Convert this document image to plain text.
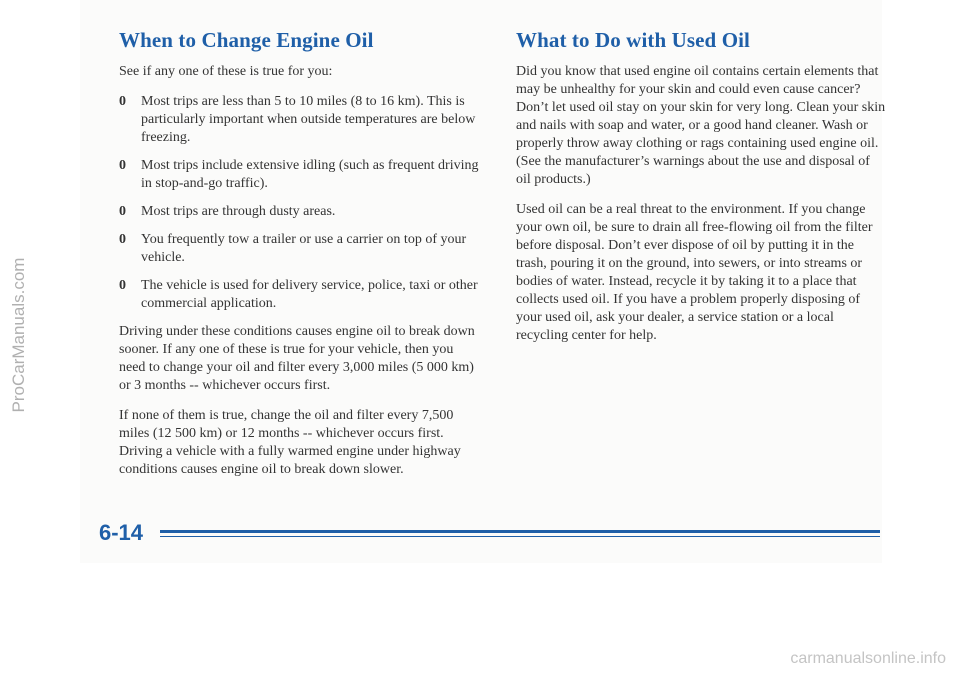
ProCarManuals.com
When to Change Engine Oil
See if any one of these is true for you:
0 Most trips are less than 5 to 10 miles (8 to 16 km). This is particularly important when outside temperatures are below freezing.
0 Most trips include extensive idling (such as frequent driving in stop-and-go traffic).
0 Most trips are through dusty areas.
0 You frequently tow a trailer or use a carrier on top of your vehicle.
0 The vehicle is used for delivery service, police, taxi or other commercial application.
Driving under these conditions causes engine oil to break down sooner. If any one of these is true for your vehicle, then you need to change your oil and filter every 3,000 miles (5 000 km) or 3 months -- whichever occurs first.
If none of them is true, change the oil and filter every 7,500 miles (12 500 km) or 12 months -- whichever occurs first. Driving a vehicle with a fully warmed engine under highway conditions causes engine oil to break down slower.
What to Do with Used Oil
Did you know that used engine oil contains certain elements that may be unhealthy for your skin and could even cause cancer? Don’t let used oil stay on your skin for very long. Clean your skin and nails with soap and water, or a good hand cleaner. Wash or properly throw away clothing or rags containing used engine oil. (See the manufacturer’s warnings about the use and disposal of oil products.)
Used oil can be a real threat to the environment. If you change your own oil, be sure to drain all free-flowing oil from the filter before disposal. Don’t ever dispose of oil by putting it in the trash, pouring it on the ground, into sewers, or into streams or bodies of water. Instead, recycle it by taking it to a place that collects used oil. If you have a problem properly disposing of your used oil, ask your dealer, a service station or a local recycling center for help.
6-14
carmanualsonline.info
